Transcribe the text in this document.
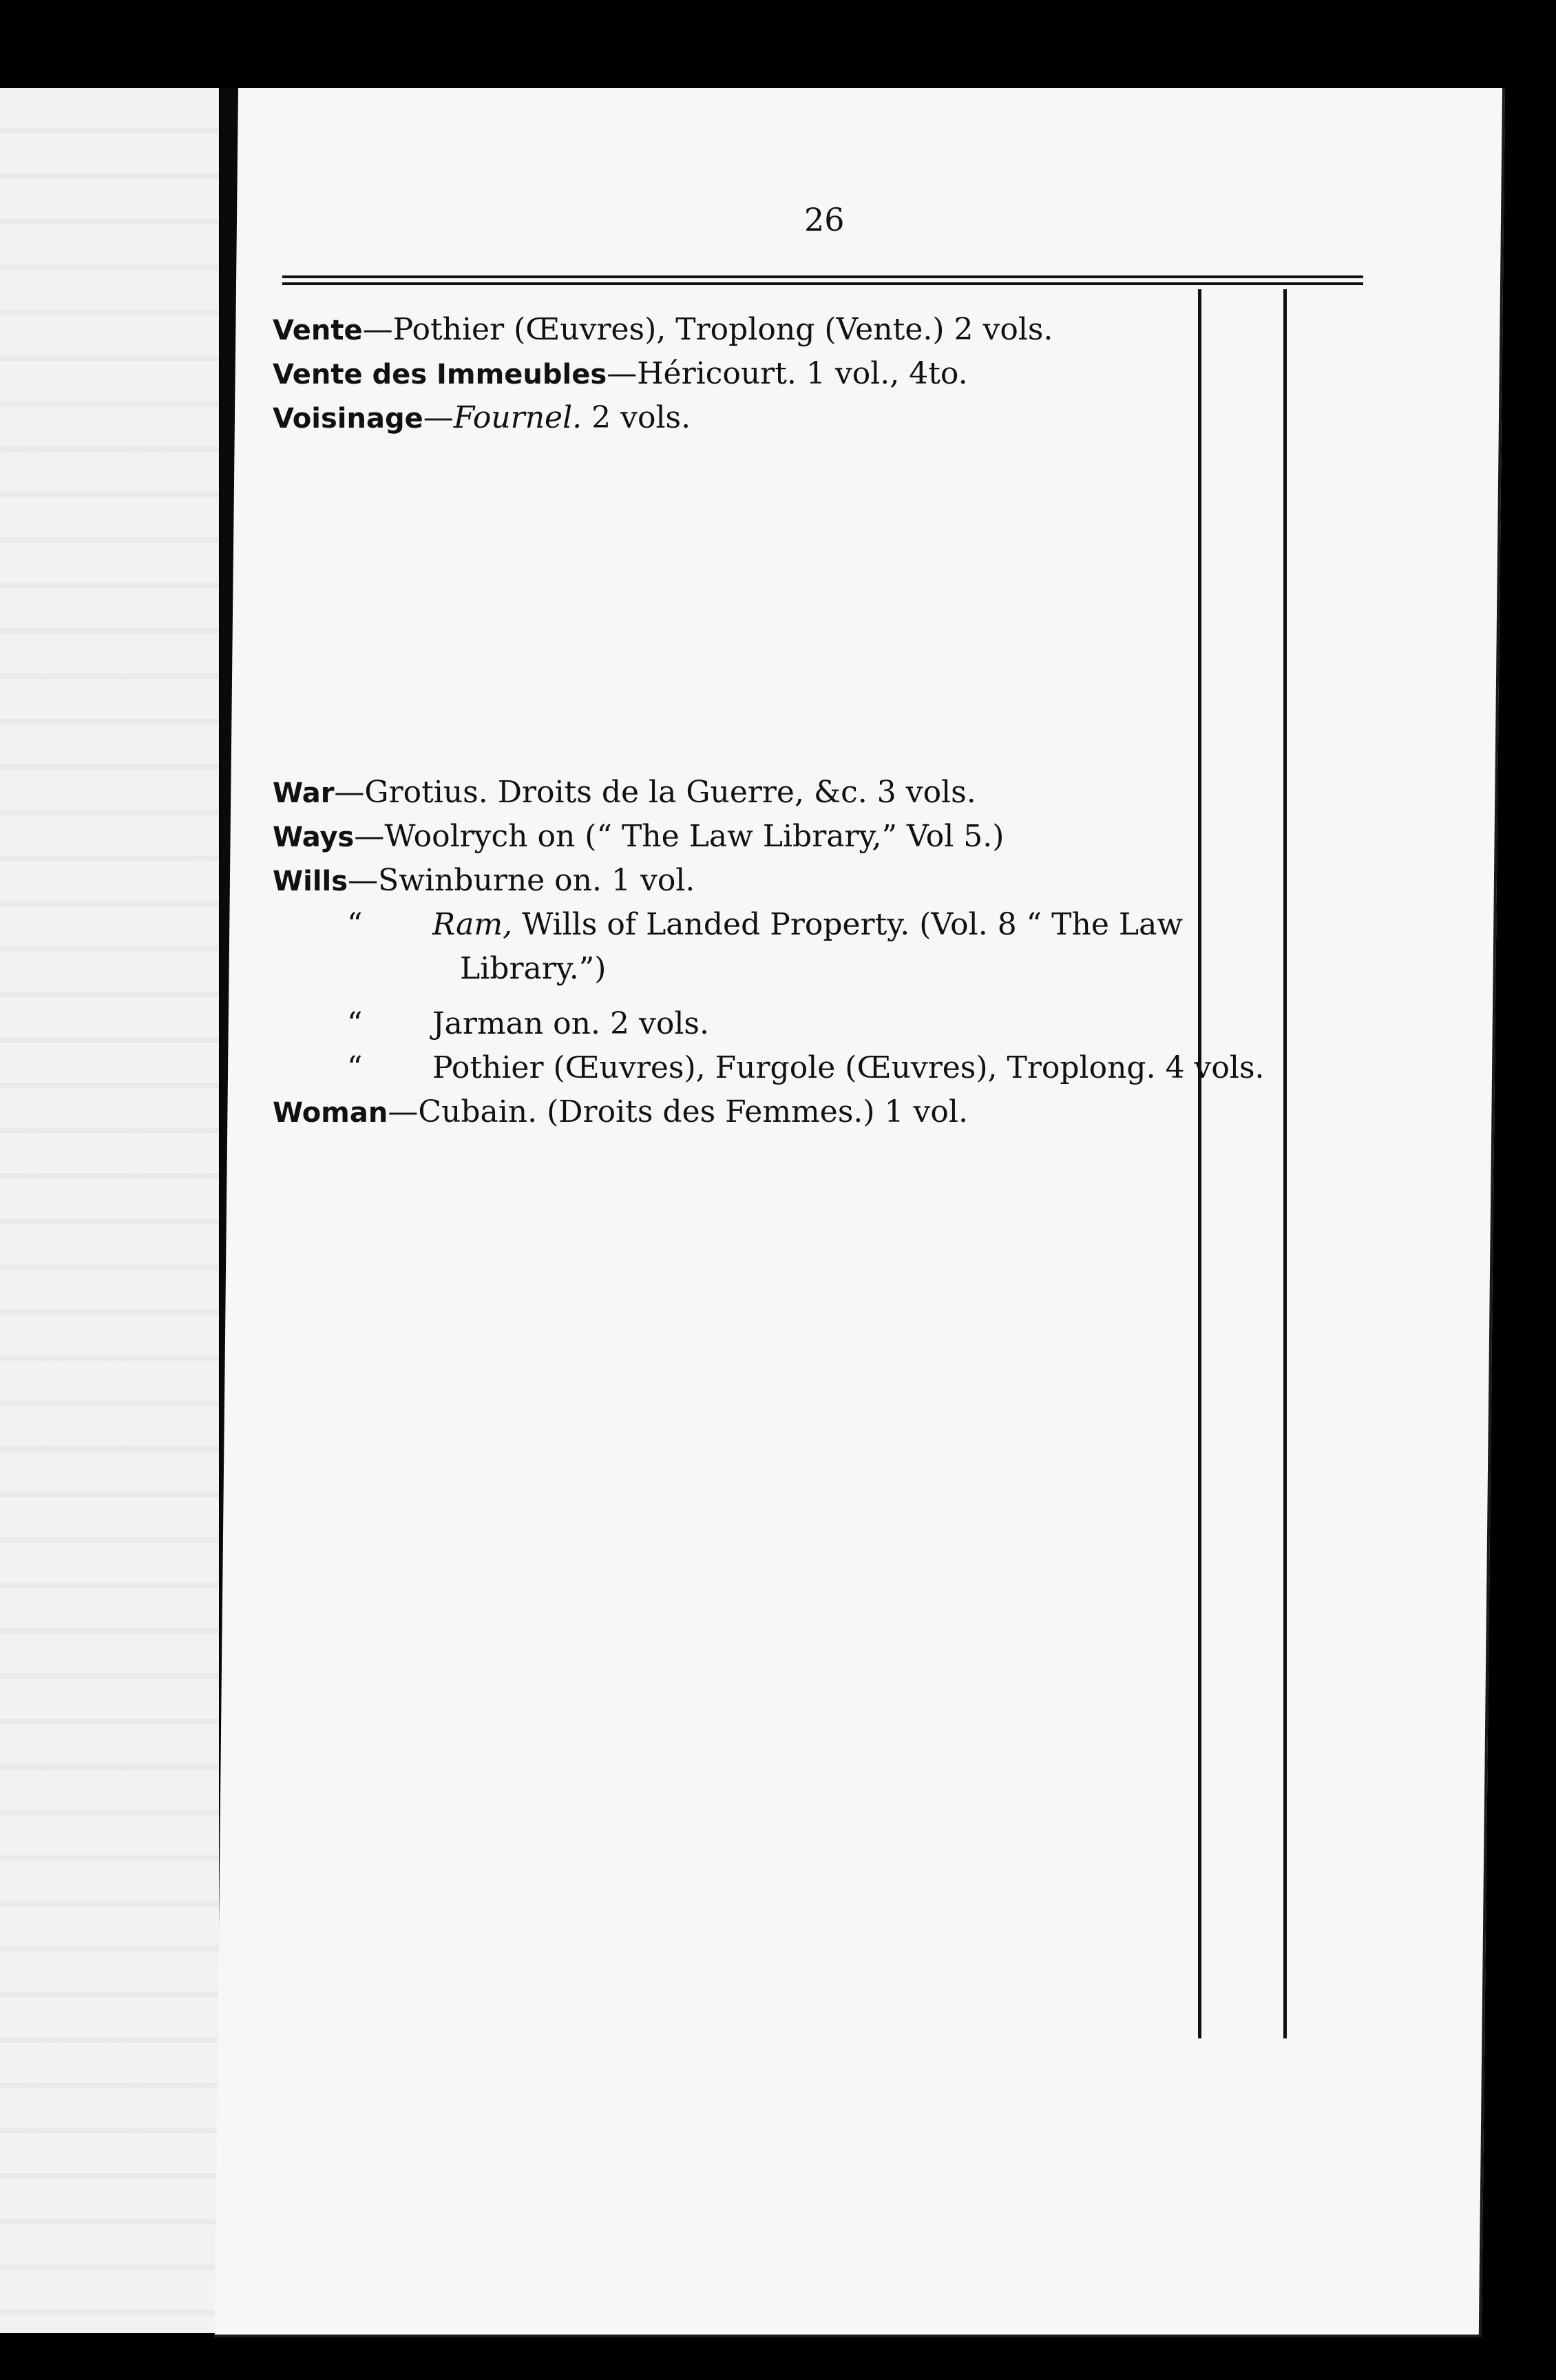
26
Vente—Pothier (Œuvres), Troplong (Vente.) 2 vols.
Vente des Immeubles—Héricourt. 1 vol., 4to.
Voisinage—Fournel. 2 vols.
War—Grotius. Droits de la Guerre, &c. 3 vols.
Ways—Woolrych on (“ The Law Library,” Vol 5.)
Wills—Swinburne on. 1 vol.
“ Ram, Wills of Landed Property. (Vol. 8 “ The Law
Library.”)
“ Jarman on. 2 vols.
“ Pothier (Œuvres), Furgole (Œuvres), Troplong. 4 vols.
Woman—Cubain. (Droits des Femmes.) 1 vol.
